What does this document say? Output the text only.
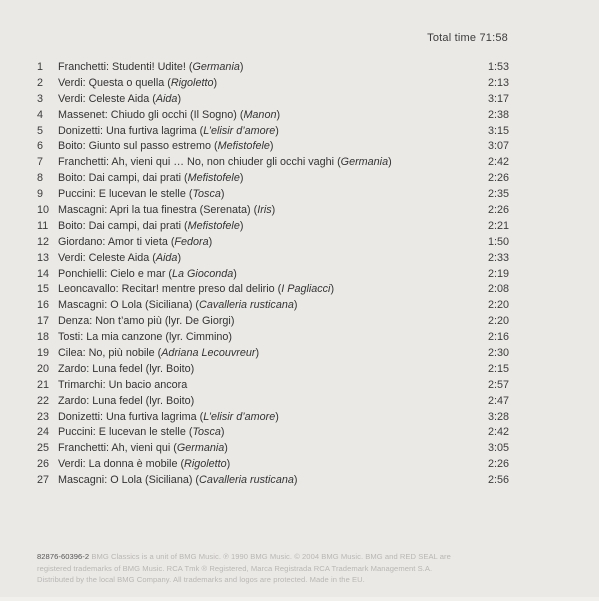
Total time 71:58
1	Franchetti: Studenti! Udite! (Germania)	1:53
2	Verdi: Questa o quella (Rigoletto)	2:13
3	Verdi: Celeste Aida (Aida)	3:17
4	Massenet: Chiudo gli occhi (Il Sogno) (Manon)	2:38
5	Donizetti: Una furtiva lagrima (L’elisir d’amore)	3:15
6	Boito: Giunto sul passo estremo (Mefistofele)	3:07
7	Franchetti: Ah, vieni qui … No, non chiuder gli occhi vaghi (Germania)	2:42
8	Boito: Dai campi, dai prati (Mefistofele)	2:26
9	Puccini: E lucevan le stelle (Tosca)	2:35
10 Mascagni: Apri la tua finestra (Serenata) (Iris)	2:26
11 Boito: Dai campi, dai prati (Mefistofele)	2:21
12 Giordano: Amor ti vieta (Fedora)	1:50
13 Verdi: Celeste Aida (Aida)	2:33
14 Ponchielli: Cielo e mar (La Gioconda)	2:19
15 Leoncavallo: Recitar! mentre preso dal delirio (I Pagliacci)	2:08
16 Mascagni: O Lola (Siciliana) (Cavalleria rusticana)	2:20
17 Denza: Non t’amo più (lyr. De Giorgi)	2:20
18 Tosti: La mia canzone (lyr. Cimmino)	2:16
19 Cilea: No, più nobile (Adriana Lecouvreur)	2:30
20 Zardo: Luna fedel (lyr. Boito)	2:15
21 Trimarchi: Un bacio ancora	2:57
22 Zardo: Luna fedel (lyr. Boito)	2:47
23 Donizetti: Una furtiva lagrima (L’elisir d’amore)	3:28
24 Puccini: E lucevan le stelle (Tosca)	2:42
25 Franchetti: Ah, vieni qui (Germania)	3:05
26 Verdi: La donna è mobile (Rigoletto)	2:26
27 Mascagni: O Lola (Siciliana) (Cavalleria rusticana)	2:56
82876-60396-2 BMG Classics is a unit of BMG Music. ℗ 1990 BMG Music. © 2004 BMG Music. BMG and RED SEAL are
registered trademarks of BMG Music. RCA Tmk ® Registered, Marca Registrada RCA Trademark Management S.A.
Distributed by the local BMG Company. All trademarks and logos are protected. Made in the EU.
